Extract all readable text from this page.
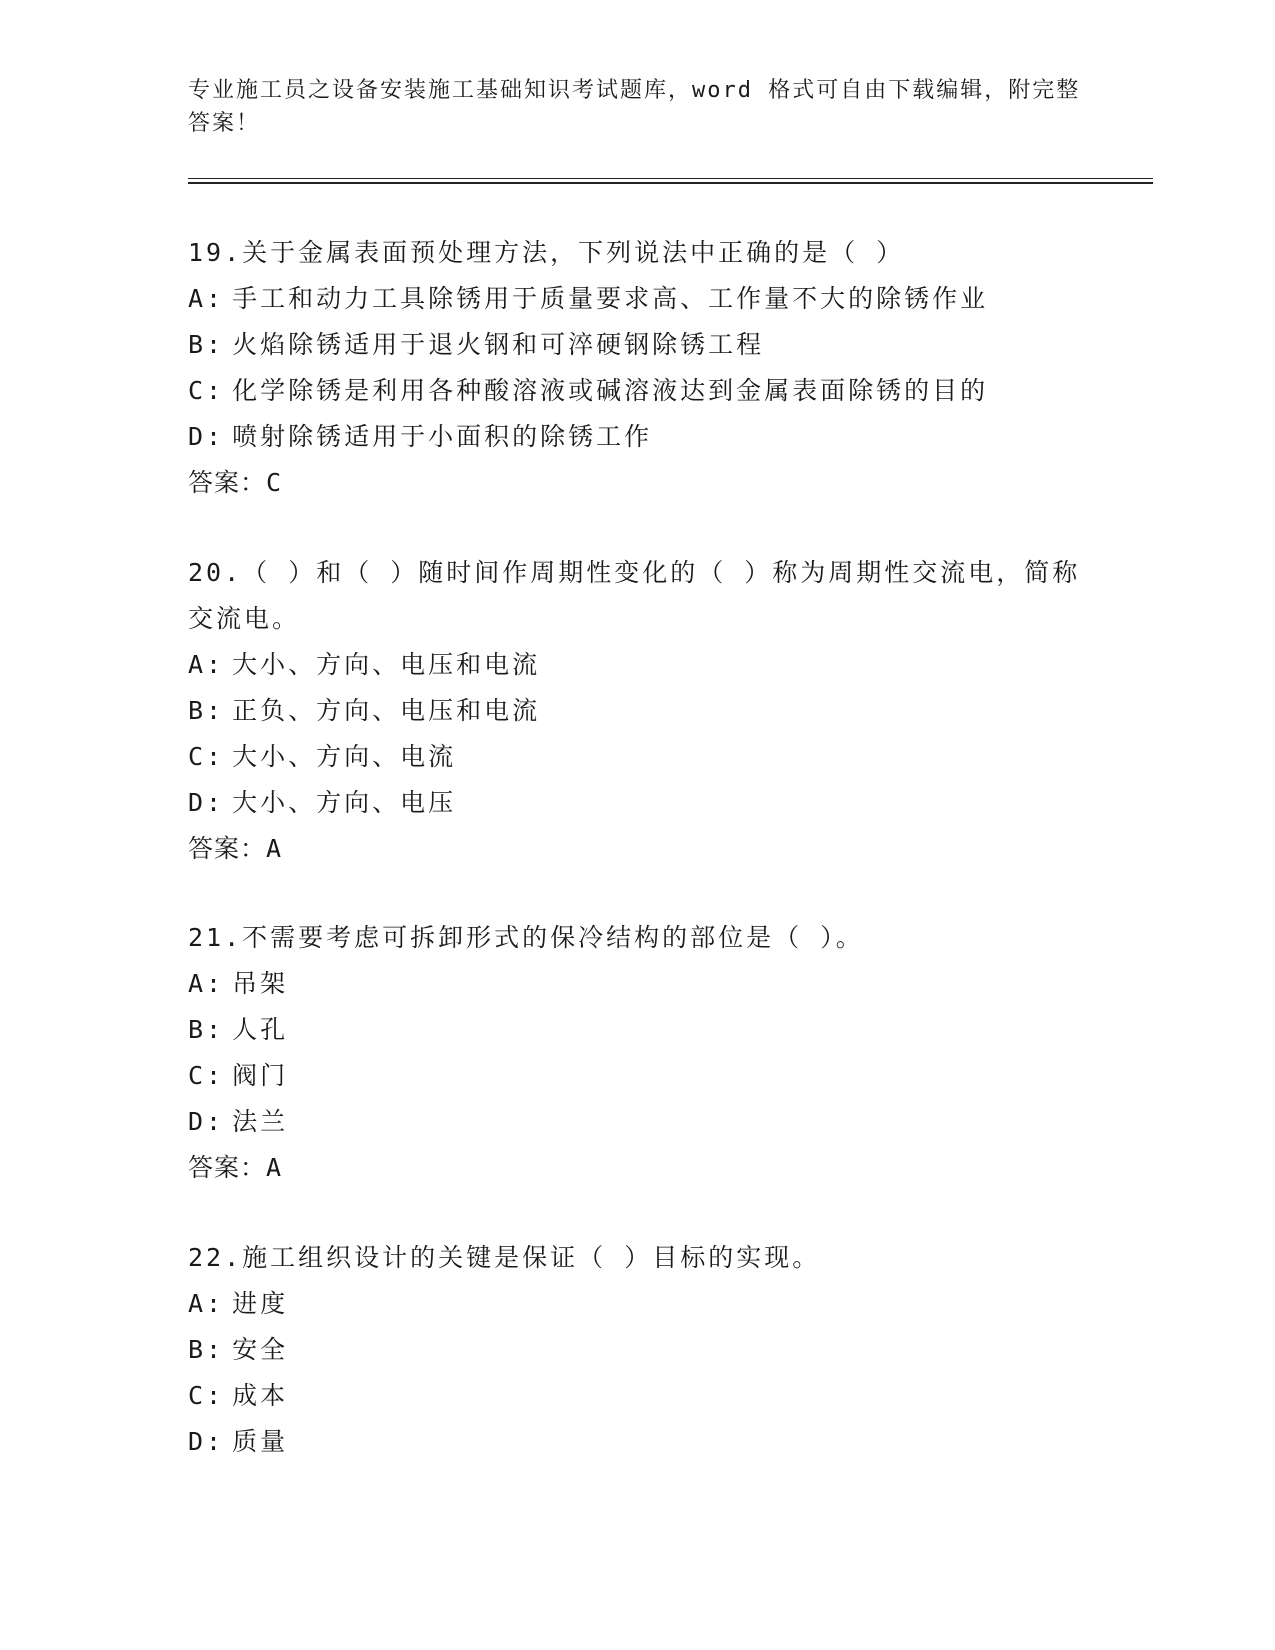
专业施工员之设备安装施工基础知识考试题库，word 格式可自由下载编辑，附完整答案！
19.关于金属表面预处理方法，下列说法中正确的是（ ）
A: 手工和动力工具除锈用于质量要求高、工作量不大的除锈作业
B: 火焰除锈适用于退火钢和可淬硬钢除锈工程
C: 化学除锈是利用各种酸溶液或碱溶液达到金属表面除锈的目的
D: 喷射除锈适用于小面积的除锈工作
答案：C
20.（ ）和（ ）随时间作周期性变化的（ ）称为周期性交流电，简称交流电。
A: 大小、方向、电压和电流
B: 正负、方向、电压和电流
C: 大小、方向、电流
D: 大小、方向、电压
答案：A
21.不需要考虑可拆卸形式的保冷结构的部位是（ ）。
A: 吊架
B: 人孔
C: 阀门
D: 法兰
答案：A
22.施工组织设计的关键是保证（ ）目标的实现。
A: 进度
B: 安全
C: 成本
D: 质量
